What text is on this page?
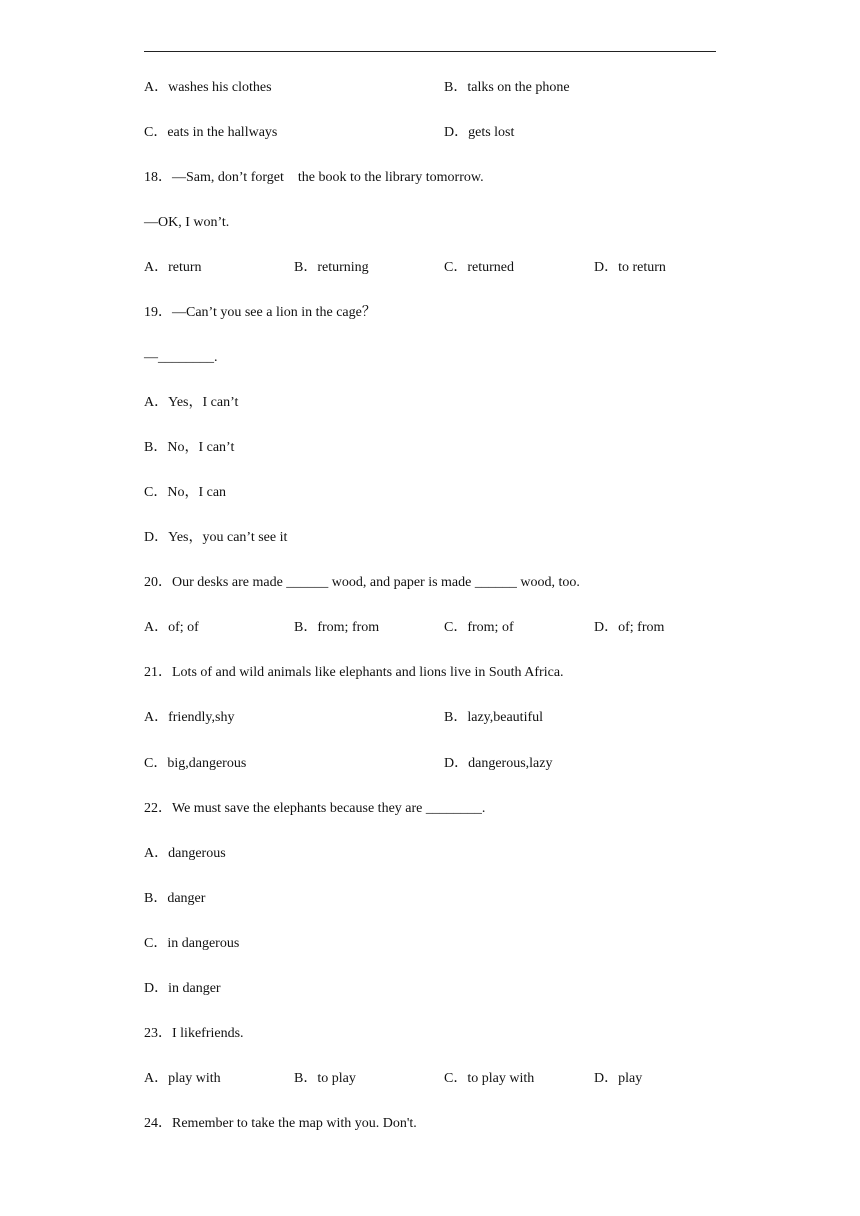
A．washes his clothes	B．talks on the phone
C．eats in the hallways	D．gets lost
18．—Sam, don’t forget    the book to the library tomorrow.
—OK, I won’t.
A．return	B．returning	C．returned	D．to return
19．—Can’t you see a lion in the cage？
—________.
A．Yes，I can’t
B．No，I can’t
C．No，I can
D．Yes，you can’t see it
20．Our desks are made ______ wood, and paper is made ______ wood, too.
A．of; of	B．from; from	C．from; of	D．of; from
21．Lots of and wild animals like elephants and lions live in South Africa.
A．friendly,shy	B．lazy,beautiful
C．big,dangerous	D．dangerous,lazy
22．We must save the elephants because they are ________.
A．dangerous
B．danger
C．in dangerous
D．in danger
23．I likefriends.
A．play with	B．to play	C．to play with	D．play
24．Remember to take the map with you. Don't.
